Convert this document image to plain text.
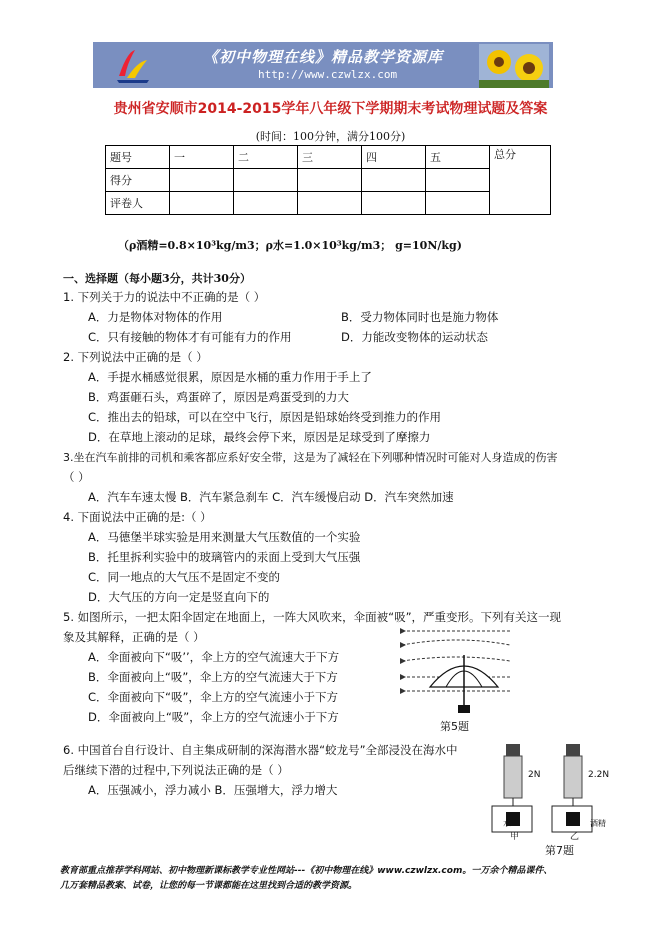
《初中物理在线》精品教学资源库
http://www.czwlzx.com
贵州省安顺市2014-2015学年八年级下学期期末考试物理试题及答案
(时间：100分钟，满分100分)
题号	一	二	三	四	五	总分
得分						
评卷人						
（ρ酒精=0.8×10³kg/m3；ρ水=1.0×10³kg/m3； g=10N/kg)
一、选择题（每小题3分，共计30分）
1. 下列关于力的说法中不正确的是（ ）
A．力是物体对物体的作用	B．受力物体同时也是施力物体
C．只有接触的物体才有可能有力的作用	D．力能改变物体的运动状态
2. 下列说法中正确的是（ ）
A．手提水桶感觉很累，原因是水桶的重力作用于手上了
B．鸡蛋砸石头，鸡蛋碎了，原因是鸡蛋受到的力大
C．推出去的铅球，可以在空中飞行，原因是铅球始终受到推力的作用
D．在草地上滚动的足球，最终会停下来，原因是足球受到了摩擦力
3.坐在汽车前排的司机和乘客都应系好安全带，这是为了减轻在下列哪种情况时可能对人身造成的伤害
（ ）
A．汽车车速太慢 B．汽车紧急刹车 C．汽车缓慢启动 D．汽车突然加速
4. 下面说法中正确的是:（ ）
A．马德堡半球实验是用来测量大气压数值的一个实验
B．托里拆利实验中的玻璃管内的汞面上受到大气压强
C．同一地点的大气压不是固定不变的
D．大气压的方向一定是竖直向下的
5. 如图所示，一把太阳伞固定在地面上，一阵大风吹来，伞面被“吸”，严重变形。下列有关这一现
象及其解释，正确的是（ ）
A．伞面被向下“吸’’，伞上方的空气流速大于下方
B．伞面被向上“吸”，伞上方的空气流速大于下方
C．伞面被向下“吸”，伞上方的空气流速小于下方
D．伞面被向上“吸”，伞上方的空气流速小于下方
第5题
6. 中国首台自行设计、自主集成研制的深海潜水器“蛟龙号”全部浸没在海水中
后继续下潜的过程中,下列说法正确的是（ ）
A．压强减小，浮力减小 B．压强增大，浮力增大
2N	2.2N
水	酒精
甲	乙
第7题
教育部重点推荐学科网站、初中物理新课标教学专业性网站---《初中物理在线》www.czwlzx.com。一万余个精品课件、
几万套精品教案、试卷，让您的每一节课都能在这里找到合适的教学资源。
